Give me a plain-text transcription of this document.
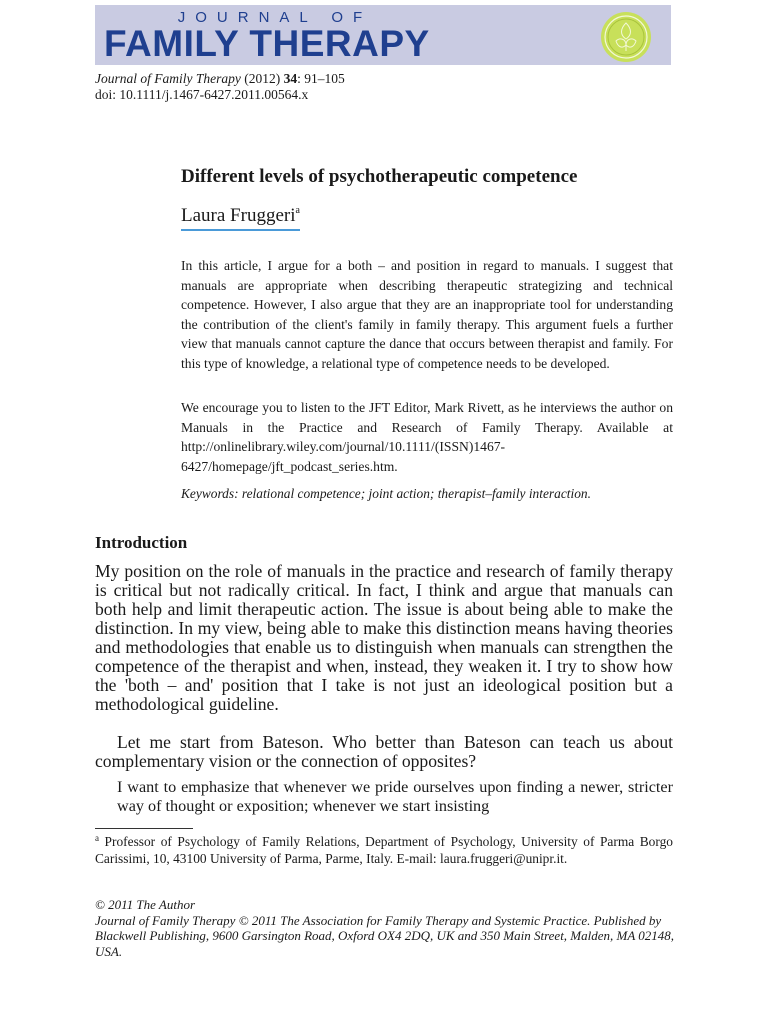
JOURNAL OF
FAMILY THERAPY
Journal of Family Therapy (2012) 34: 91–105
doi: 10.1111/j.1467-6427.2011.00564.x
Different levels of psychotherapeutic competence
Laura Fruggeri$^a$

In this article, I argue for a both – and position in regard to manuals. I suggest that manuals are appropriate when describing therapeutic strategizing and technical competence. However, I also argue that they are an inappropriate tool for understanding the contribution of the client's family in family therapy. This argument fuels a further view that manuals cannot capture the dance that occurs between therapist and family. For this type of knowledge, a relational type of competence needs to be developed.

We encourage you to listen to the JFT Editor, Mark Rivett, as he interviews the author on Manuals in the Practice and Research of Family Therapy. Available at http://onlinelibrary.wiley.com/journal/10.1111/(ISSN)1467-6427/homepage/jft_podcast_series.htm.

Keywords: relational competence; joint action; therapist–family interaction.

Introduction

My position on the role of manuals in the practice and research of family therapy is critical but not radically critical. In fact, I think and argue that manuals can both help and limit therapeutic action. The issue is about being able to make the distinction. In my view, being able to make this distinction means having theories and methodologies that enable us to distinguish when manuals can strengthen the competence of the therapist and when, instead, they weaken it. I try to show how the 'both – and' position that I take is not just an ideological position but a methodological guideline.

Let me start from Bateson. Who better than Bateson can teach us about complementary vision or the connection of opposites?

I want to emphasize that whenever we pride ourselves upon finding a newer, stricter way of thought or exposition; whenever we start insisting

$^a$ Professor of Psychology of Family Relations, Department of Psychology, University of Parma Borgo Carissimi, 10, 43100 University of Parma, Parme, Italy. E-mail: laura.fruggeri@unipr.it.

© 2011 The Author
Journal of Family Therapy © 2011 The Association for Family Therapy and Systemic Practice. Published by Blackwell Publishing, 9600 Garsington Road, Oxford OX4 2DQ, UK and 350 Main Street, Malden, MA 02148, USA.
